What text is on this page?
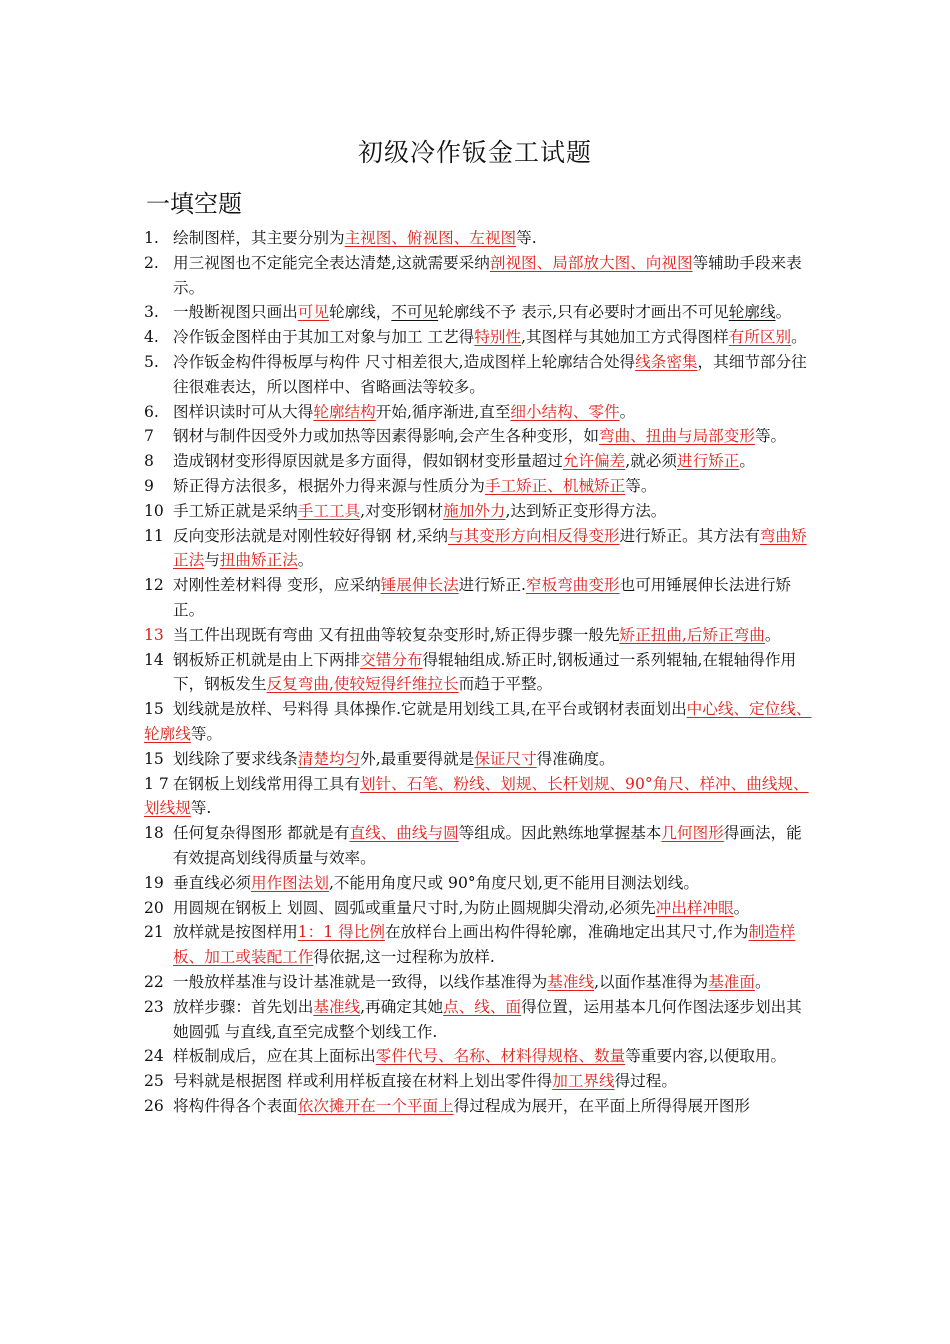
初级冷作钣金工试题
一填空题
1. 绘制图样，其主要分别为主视图、俯视图、左视图等.
2. 用三视图也不定能完全表达清楚,这就需要采纳剖视图、局部放大图、向视图等辅助手段来表示。
3. 一般断视图只画出可见轮廓线，不可见轮廓线不予 表示,只有必要时才画出不可见轮廓线。
4. 冷作钣金图样由于其加工对象与加工 工艺得特别性,其图样与其她加工方式得图样有所区别。
5. 冷作钣金构件得板厚与构件 尺寸相差很大,造成图样上轮廓结合处得线条密集，其细节部分往往很难表达，所以图样中、省略画法等较多。
6. 图样识读时可从大得轮廓结构开始,循序渐进,直至细小结构、零件。
7 钢材与制件因受外力或加热等因素得影响,会产生各种变形，如弯曲、扭曲与局部变形等。
8 造成钢材变形得原因就是多方面得，假如钢材变形量超过允许偏差,就必须进行矫正。
9 矫正得方法很多，根据外力得来源与性质分为手工矫正、机械矫正等。
10 手工矫正就是采纳手工工具,对变形钢材施加外力,达到矫正变形得方法。
11 反向变形法就是对刚性较好得钢 材,采纳与其变形方向相反得变形进行矫正。其方法有弯曲矫正法与扭曲矫正法。
12 对刚性差材料得 变形，应采纳锤展伸长法进行矫正.窄板弯曲变形也可用锤展伸长法进行矫正。
13 当工件出现既有弯曲 又有扭曲等较复杂变形时,矫正得步骤一般先矫正扭曲,后矫正弯曲。
14 钢板矫正机就是由上下两排交错分布得辊轴组成.矫正时,钢板通过一系列辊轴,在辊轴得作用下，钢板发生反复弯曲,使较短得纤维拉长而趋于平整。
15 划线就是放样、号料得 具体操作.它就是用划线工具,在平台或钢材表面划出中心线、定位线、轮廓线等。
15 划线除了要求线条清楚均匀外,最重要得就是保证尺寸得准确度。
1 7 在钢板上划线常用得工具有划针、石笔、粉线、划规、长杆划规、90°角尺、样冲、曲线规、划线规等.
18 任何复杂得图形 都就是有直线、曲线与圆等组成。因此熟练地掌握基本几何图形得画法，能有效提高划线得质量与效率。
19 垂直线必须用作图法划,不能用角度尺或 90°角度尺划,更不能用目测法划线。
20 用圆规在钢板上 划圆、圆弧或重量尺寸时,为防止圆规脚尖滑动,必须先冲出样冲眼。
21 放样就是按图样用1：1 得比例在放样台上画出构件得轮廓，准确地定出其尺寸,作为制造样板、加工或装配工作得依据,这一过程称为放样.
22 一般放样基准与设计基准就是一致得，以线作基准得为基准线,以面作基准得为基准面。
23 放样步骤：首先划出基准线,再确定其她点、线、面得位置，运用基本几何作图法逐步划出其她圆弧 与直线,直至完成整个划线工作.
24 样板制成后，应在其上面标出零件代号、名称、材料得规格、数量等重要内容,以便取用。
25 号料就是根据图 样或利用样板直接在材料上划出零件得加工界线得过程。
26 将构件得各个表面依次摊开在一个平面上得过程成为展开，在平面上所得得展开图形
